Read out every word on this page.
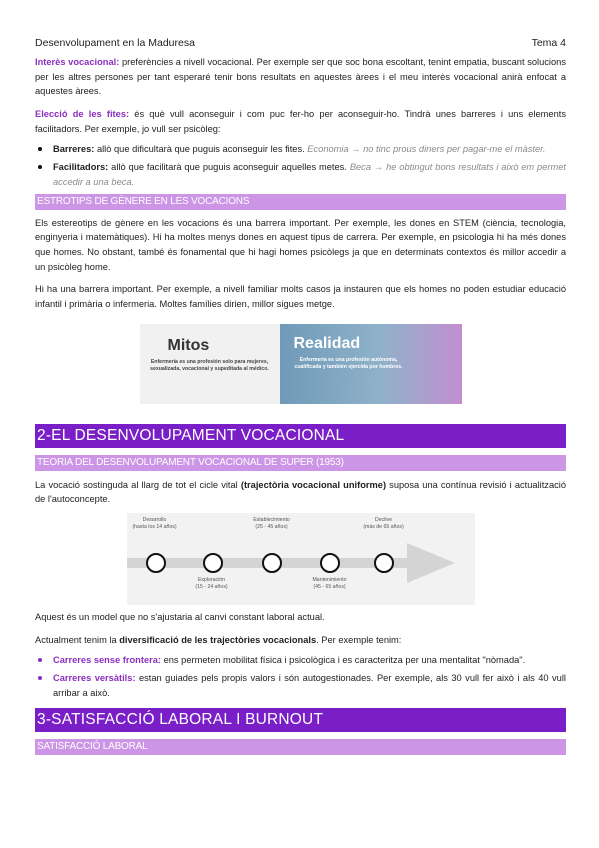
Desenvolupament en la Maduresa	Tema 4

Interès vocacional: preferències a nivell vocacional. Per exemple ser que soc bona escoltant, tenint empatia, buscant solucions per les altres persones per tant esperaré tenir bons resultats en aquestes àrees i el meu interès vocacional anirà enfocat a aquestes àrees.

Elecció de les fites: és què vull aconseguir i com puc fer-ho per aconseguir-ho. Tindrà unes barreres i uns elements facilitadors. Per exemple, jo vull ser psicòleg:

Barreres: allò que dificultarà que puguis aconseguir les fites. Economia → no tinc prous diners per pagar-me el màster.
Facilitadors: allò que facilitarà que puguis aconseguir aquelles metes. Beca → he obtingut bons resultats i això em permet accedir a una beca.
ESTROTIPS DE GÈNERE EN LES VOCACIONS

Els estereotips de gènere en les vocacions és una barrera important. Per exemple, les dones en STEM (ciència, tecnologia, enginyeria i matemàtiques). Hi ha moltes menys dones en aquest tipus de carrera. Per exemple, en psicologia hi ha més dones que homes. No obstant, també és fonamental que hi hagi homes psicòlegs ja que en determinats contextos és millor accedir a un psicòleg home.

Hi ha una barrera important. Per exemple, a nivell familiar molts casos ja instauren que els homes no poden estudiar educació infantil i primària o infermeria. Moltes famílies dirien, millor sigues metge.

Mitos
Enfermería es una profesión solo para mujeres, sexualizada, vocacional y supeditada al médico.
Realidad
Enfermería es una profesión autónoma, cualificada y también ejercida por hombres.
2-EL DESENVOLUPAMENT VOCACIONAL
TEORIA DEL DESENVOLUPAMENT VOCACIONAL DE SUPER (1953)

La vocació sostinguda al llarg de tot el cicle vital (trajectòria vocacional uniforme) suposa una contínua revisió i actualització de l'autoconcepte.

Desarrollo
(hasta los 14 años)
Establecimiento
(25 - 45 años)
Declive
(más de 65 años)
Exploración
(15 - 24 años)
Mantenimiento
(45 - 65 años)

Aquest és un model que no s'ajustaria al canvi constant laboral actual.

Actualment tenim la diversificació de les trajectòries vocacionals. Per exemple tenim:

Carreres sense frontera: ens permeten mobilitat física i psicològica i es caracteritza per una mentalitat "nòmada".
Carreres versàtils: estan guiades pels propis valors i són autogestionades. Per exemple, als 30 vull fer això i als 40 vull arribar a això.
3-SATISFACCIÓ LABORAL I BURNOUT
SATISFACCIÓ LABORAL
